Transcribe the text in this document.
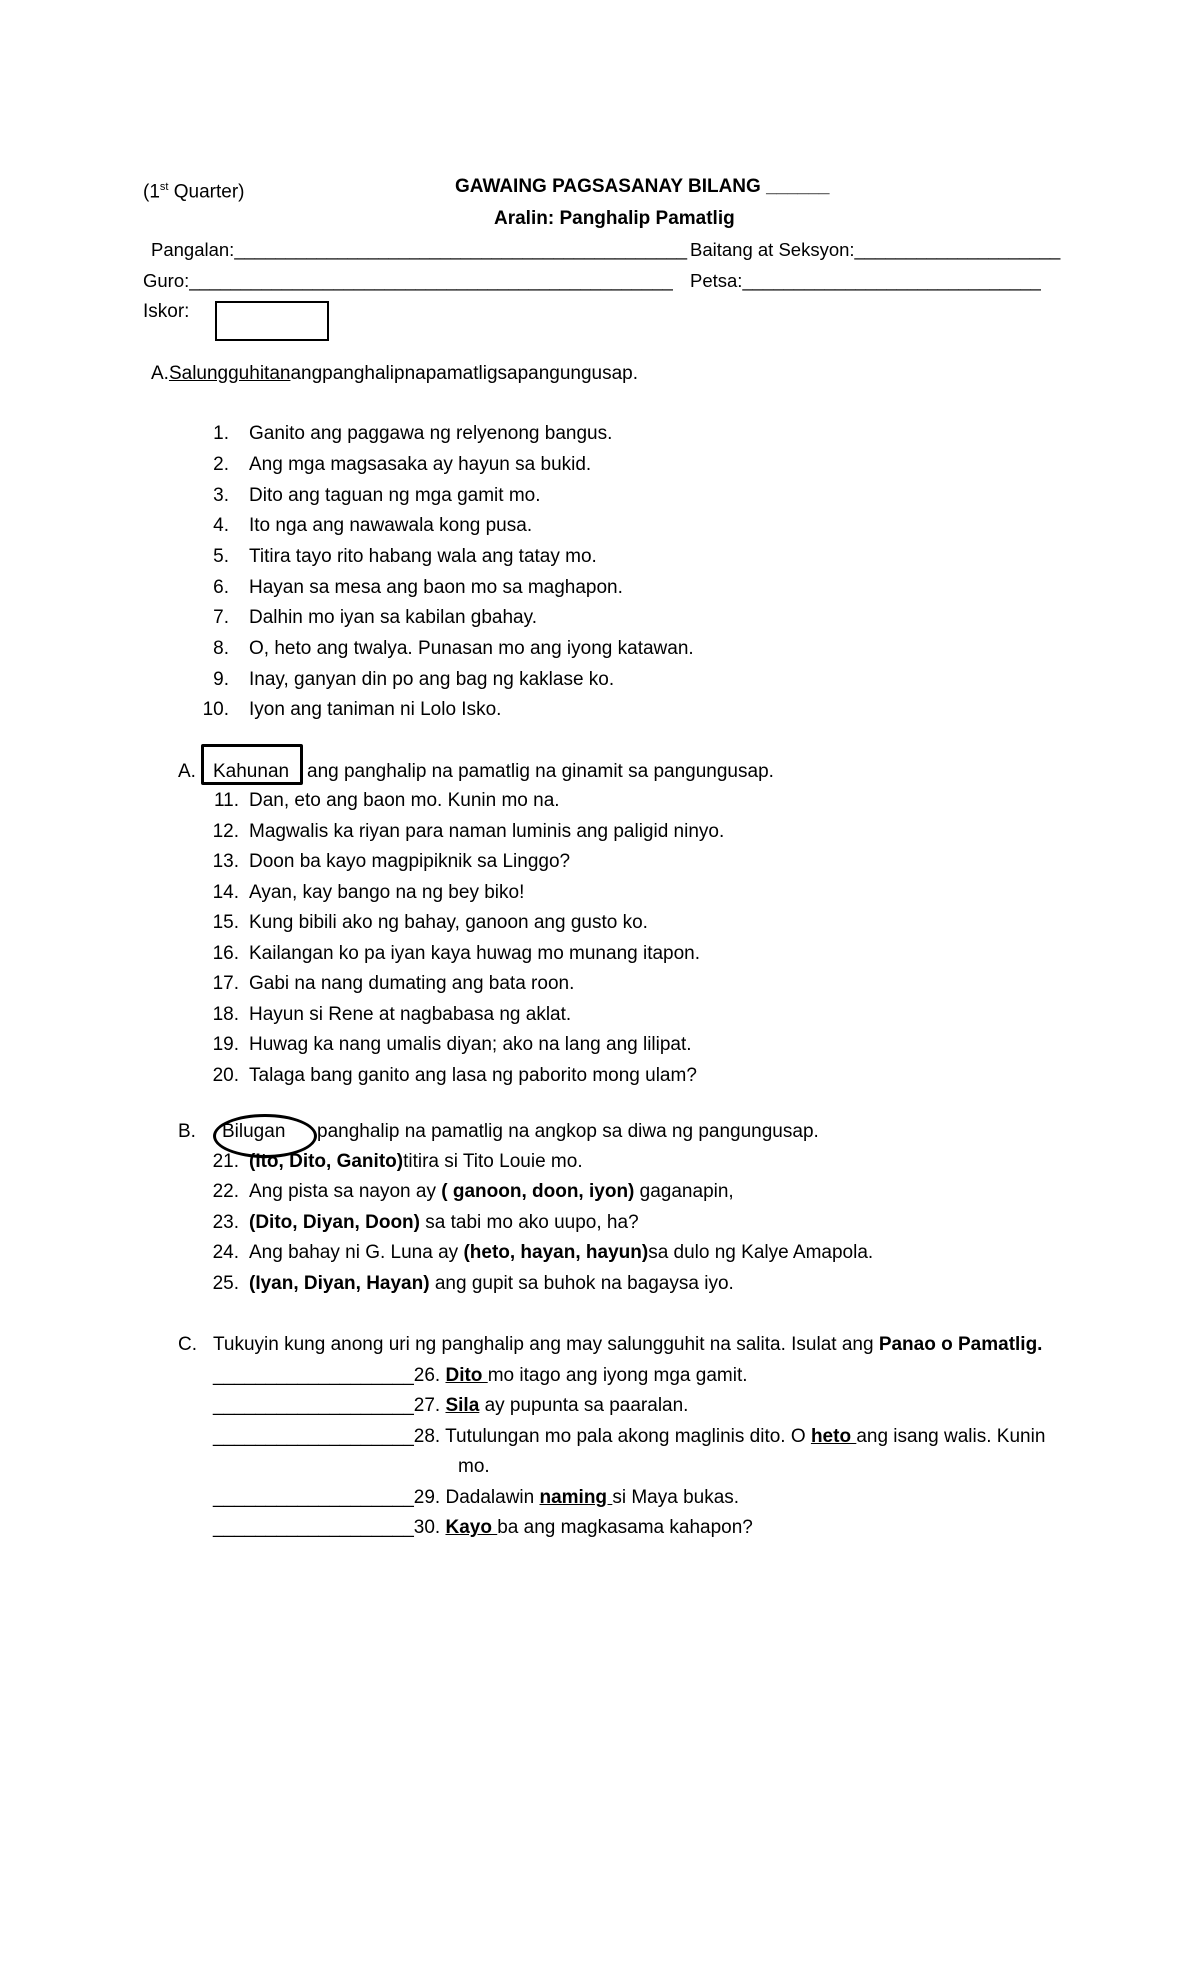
(1st Quarter)	GAWAING PAGSASANAY BILANG ______
Aralin: Panghalip Pamatlig
Pangalan:____________________________________________ Baitang at Seksyon:____________________
Guro:_______________________________________________ Petsa:_____________________________
Iskor:
A.Salungguhitanangpanghalipnapamatligsapangungusap.
1. Ganito ang paggawa ng relyenong bangus.
2. Ang mga magsasaka ay hayun sa bukid.
3. Dito ang taguan ng mga gamit mo.
4. Ito nga ang nawawala kong pusa.
5. Titira tayo rito habang wala ang tatay mo.
6. Hayan sa mesa ang baon mo sa maghapon.
7. Dalhin mo iyan sa kabilan gbahay.
8. O, heto ang twalya. Punasan mo ang iyong katawan.
9. Inay, ganyan din po ang bag ng kaklase ko.
10. Iyon ang taniman ni Lolo Isko.
A. Kahunan ang panghalip na pamatlig na ginamit sa pangungusap.
11. Dan, eto ang baon mo. Kunin mo na.
12. Magwalis ka riyan para naman luminis ang paligid ninyo.
13. Doon ba kayo magpipiknik sa Linggo?
14. Ayan, kay bango na ng bey biko!
15. Kung bibili ako ng bahay, ganoon ang gusto ko.
16. Kailangan ko pa iyan kaya huwag mo munang itapon.
17. Gabi na nang dumating ang bata roon.
18. Hayun si Rene at nagbabasa ng aklat.
19. Huwag ka nang umalis diyan; ako na lang ang lilipat.
20. Talaga bang ganito ang lasa ng paborito mong ulam?
B. Bilugan panghalip na pamatlig na angkop sa diwa ng pangungusap.
21. (Ito, Dito, Ganito)titira si Tito Louie mo.
22. Ang pista sa nayon ay ( ganoon, doon, iyon) gaganapin,
23. (Dito, Diyan, Doon) sa tabi mo ako uupo, ha?
24. Ang bahay ni G. Luna ay (heto, hayan, hayun)sa dulo ng Kalye Amapola.
25. (Iyan, Diyan, Hayan) ang gupit sa buhok na bagaysa iyo.
C. Tukuyin kung anong uri ng panghalip ang may salungguhit na salita. Isulat ang Panao o Pamatlig.
___________________26. Dito mo itago ang iyong mga gamit.
___________________27. Sila ay pupunta sa paaralan.
___________________28. Tutulungan mo pala akong maglinis dito. O heto ang isang walis. Kunin
mo.
___________________29. Dadalawin naming si Maya bukas.
___________________30. Kayo ba ang magkasama kahapon?
